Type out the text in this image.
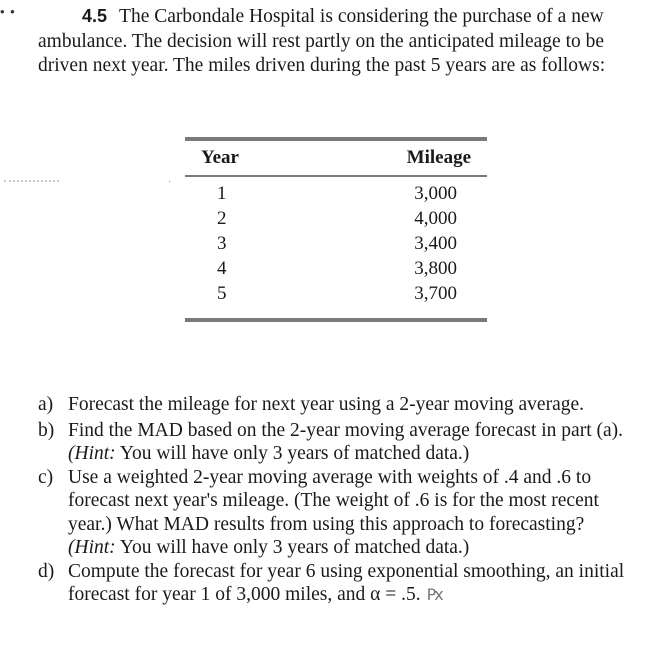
• •	4.5 The Carbondale Hospital is considering the purchase of a new ambulance. The decision will rest partly on the anticipated mileage to be driven next year. The miles driven during the past 5 years are as follows:
·
Year	Mileage
1	3,000
2	4,000
3	3,400
4	3,800
5	3,700
a) Forecast the mileage for next year using a 2-year moving average.
b) Find the MAD based on the 2-year moving average forecast in part (a). (Hint: You will have only 3 years of matched data.)
c) Use a weighted 2-year moving average with weights of .4 and .6 to forecast next year's mileage. (The weight of .6 is for the most recent year.) What MAD results from using this approach to forecasting? (Hint: You will have only 3 years of matched data.)
d) Compute the forecast for year 6 using exponential smoothing, an initial forecast for year 1 of 3,000 miles, and α = .5. Px
